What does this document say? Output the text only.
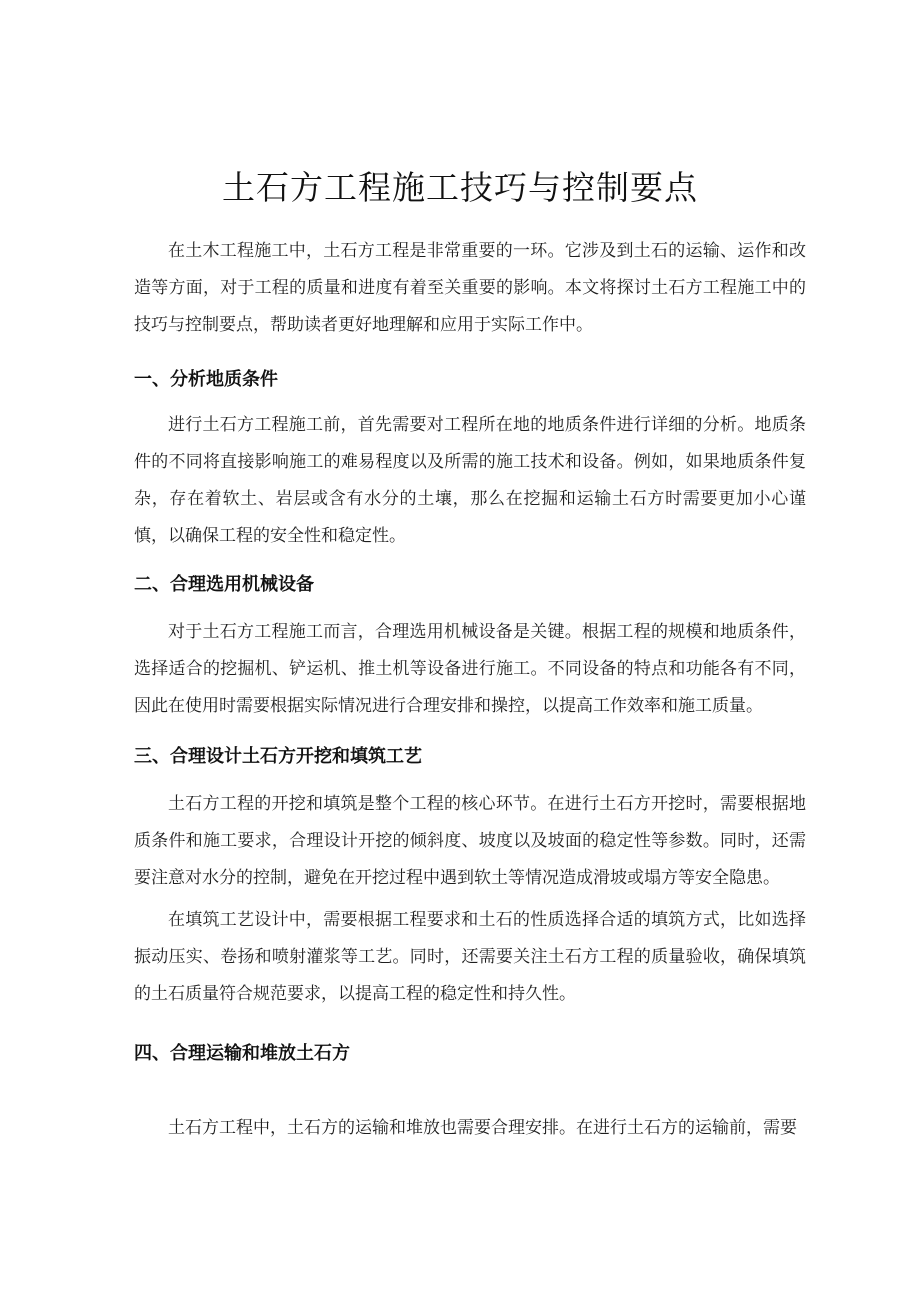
土石方工程施工技巧与控制要点

在土木工程施工中，土石方工程是非常重要的一环。它涉及到土石的运输、运作和改造等方面，对于工程的质量和进度有着至关重要的影响。本文将探讨土石方工程施工中的技巧与控制要点，帮助读者更好地理解和应用于实际工作中。

一、分析地质条件

进行土石方工程施工前，首先需要对工程所在地的地质条件进行详细的分析。地质条件的不同将直接影响施工的难易程度以及所需的施工技术和设备。例如，如果地质条件复杂，存在着软土、岩层或含有水分的土壤，那么在挖掘和运输土石方时需要更加小心谨慎，以确保工程的安全性和稳定性。

二、合理选用机械设备

对于土石方工程施工而言，合理选用机械设备是关键。根据工程的规模和地质条件，选择适合的挖掘机、铲运机、推土机等设备进行施工。不同设备的特点和功能各有不同，因此在使用时需要根据实际情况进行合理安排和操控，以提高工作效率和施工质量。

三、合理设计土石方开挖和填筑工艺

土石方工程的开挖和填筑是整个工程的核心环节。在进行土石方开挖时，需要根据地质条件和施工要求，合理设计开挖的倾斜度、坡度以及坡面的稳定性等参数。同时，还需要注意对水分的控制，避免在开挖过程中遇到软土等情况造成滑坡或塌方等安全隐患。

在填筑工艺设计中，需要根据工程要求和土石的性质选择合适的填筑方式，比如选择振动压实、卷扬和喷射灌浆等工艺。同时，还需要关注土石方工程的质量验收，确保填筑的土石质量符合规范要求，以提高工程的稳定性和持久性。

四、合理运输和堆放土石方

土石方工程中，土石方的运输和堆放也需要合理安排。在进行土石方的运输前，需要
